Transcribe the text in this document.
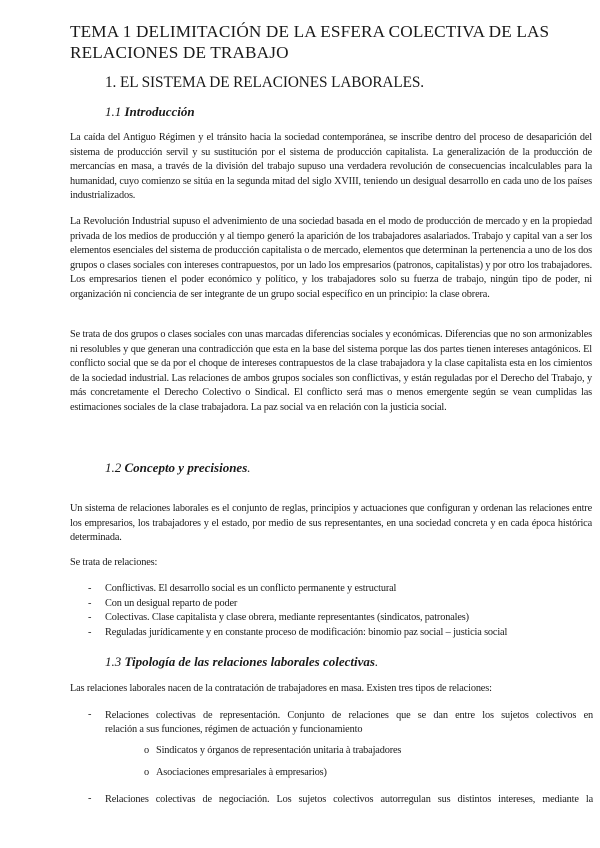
TEMA 1 DELIMITACIÓN DE LA ESFERA COLECTIVA DE LAS RELACIONES DE TRABAJO
1. EL SISTEMA DE RELACIONES LABORALES.
1.1 Introducción
La caída del Antiguo Régimen y el tránsito hacia la sociedad contemporánea, se inscribe dentro del proceso de desaparición del sistema de producción servil y su sustitución por el sistema de producción capitalista. La generalización de la producción de mercancías en masa, a través de la división del trabajo supuso una verdadera revolución de consecuencias incalculables para la humanidad, cuyo comienzo se sitúa en la segunda mitad del siglo XVIII, teniendo un desigual desarrollo en cada uno de los países industrializados.
La Revolución Industrial supuso el advenimiento de una sociedad basada en el modo de producción de mercado y en la propiedad privada de los medios de producción y al tiempo generó la aparición de los trabajadores asalariados. Trabajo y capital van a ser los elementos esenciales del sistema de producción capitalista o de mercado, elementos que determinan la pertenencia a uno de los dos grupos o clases sociales con intereses contrapuestos, por un lado los empresarios (patronos, capitalistas) y por otro los trabajadores. Los empresarios tienen el poder económico y político, y los trabajadores solo su fuerza de trabajo, ningún tipo de poder, ni organización ni conciencia de ser integrante de un grupo social específico en un principio: la clase obrera.
Se trata de dos grupos o clases sociales con unas marcadas diferencias sociales y económicas. Diferencias que no son armonizables ni resolubles y que generan una contradicción que esta en la base del sistema porque las dos partes tienen intereses antagónicos. El conflicto social que se da por el choque de intereses contrapuestos de la clase trabajadora y la clase capitalista esta en los cimientos de la sociedad industrial. Las relaciones de ambos grupos sociales son conflictivas, y están reguladas por el Derecho del Trabajo, y más concretamente el Derecho Colectivo o Sindical. El conflicto será mas o menos emergente según se vean cumplidas las estimaciones sociales de la clase trabajadora. La paz social va en relación con la justicia social.
1.2 Concepto y precisiones.
Un sistema de relaciones laborales es el conjunto de reglas, principios y actuaciones que configuran y ordenan las relaciones entre los empresarios, los trabajadores y el estado, por medio de sus representantes, en una sociedad concreta y en cada época histórica determinada.
Se trata de relaciones:
- Conflictivas. El desarrollo social es un conflicto permanente y estructural
- Con un desigual reparto de poder
- Colectivas. Clase capitalista y clase obrera, mediante representantes (sindicatos, patronales)
- Reguladas jurídicamente y en constante proceso de modificación: binomio paz social – justicia social
1.3 Tipología de las relaciones laborales colectivas.
Las relaciones laborales nacen de la contratación de trabajadores en masa. Existen tres tipos de relaciones:
- Relaciones colectivas de representación. Conjunto de relaciones que se dan entre los sujetos colectivos en
relación a sus funciones, régimen de actuación y funcionamiento
o Sindicatos y órganos de representación unitaria à trabajadores
o Asociaciones empresariales à empresarios)
- Relaciones colectivas de negociación. Los sujetos colectivos autorregulan sus distintos intereses, mediante la
